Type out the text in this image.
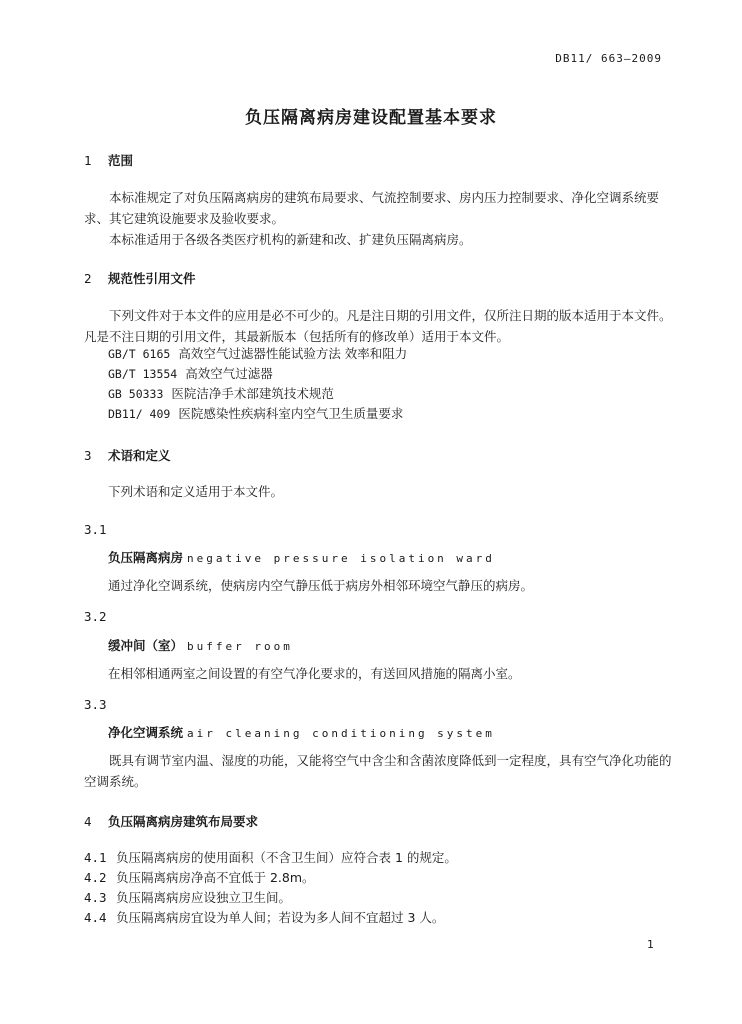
DB11/ 663—2009
负压隔离病房建设配置基本要求
1 范围
本标准规定了对负压隔离病房的建筑布局要求、气流控制要求、房内压力控制要求、净化空调系统要求、其它建筑设施要求及验收要求。
本标准适用于各级各类医疗机构的新建和改、扩建负压隔离病房。
2 规范性引用文件
下列文件对于本文件的应用是必不可少的。凡是注日期的引用文件，仅所注日期的版本适用于本文件。凡是不注日期的引用文件，其最新版本（包括所有的修改单）适用于本文件。
GB/T 6165 高效空气过滤器性能试验方法 效率和阻力
GB/T 13554 高效空气过滤器
GB 50333 医院洁净手术部建筑技术规范
DB11/ 409 医院感染性疾病科室内空气卫生质量要求
3 术语和定义
下列术语和定义适用于本文件。
3.1
负压隔离病房 negative pressure isolation ward
通过净化空调系统，使病房内空气静压低于病房外相邻环境空气静压的病房。
3.2
缓冲间（室） buffer room
在相邻相通两室之间设置的有空气净化要求的，有送回风措施的隔离小室。
3.3
净化空调系统 air cleaning conditioning system
既具有调节室内温、湿度的功能，又能将空气中含尘和含菌浓度降低到一定程度，具有空气净化功能的空调系统。
4 负压隔离病房建筑布局要求
4.1 负压隔离病房的使用面积（不含卫生间）应符合表 1 的规定。
4.2 负压隔离病房净高不宜低于 2.8m。
4.3 负压隔离病房应设独立卫生间。
4.4 负压隔离病房宜设为单人间；若设为多人间不宜超过 3 人。
1
